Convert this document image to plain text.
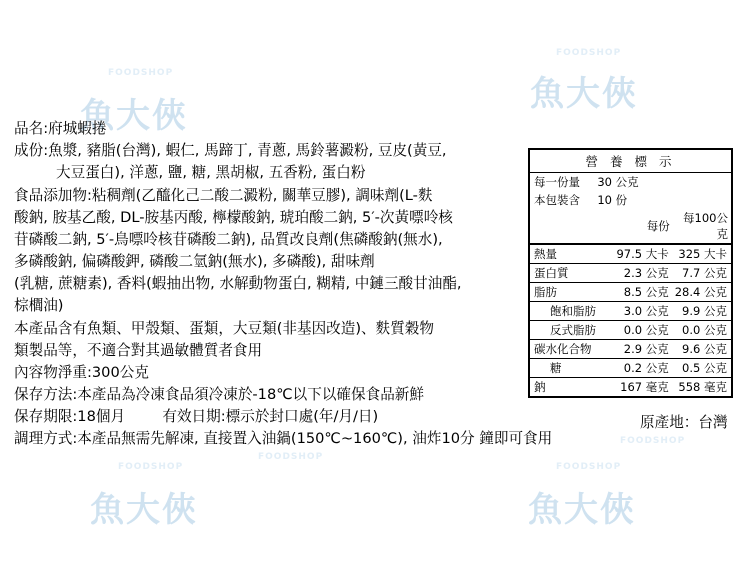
魚大俠
魚大俠
魚大俠	魚大俠
FOODSHOP
FOODSHOP
FOODSHOP
FOODSHOP
FOODSHOP	FOODSHOP
品名:府城蝦捲
成份:魚漿, 豬脂(台灣), 蝦仁, 馬蹄丁, 青蔥, 馬鈴薯澱粉, 豆皮(黃豆,
大豆蛋白), 洋蔥, 鹽, 糖, 黑胡椒, 五香粉, 蛋白粉
食品添加物:粘稠劑(乙醯化己二酸二澱粉, 關華豆膠), 調味劑(L-麩
酸鈉, 胺基乙酸, DL-胺基丙酸, 檸檬酸鈉, 琥珀酸二鈉, 5′-次黃嘌呤核
苷磷酸二鈉, 5′-鳥嘌呤核苷磷酸二鈉), 品質改良劑(焦磷酸鈉(無水),
多磷酸鈉, 偏磷酸鉀, 磷酸二氫鈉(無水), 多磷酸), 甜味劑
(乳糖, 蔗糖素), 香料(蝦抽出物, 水解動物蛋白, 糊精, 中鏈三酸甘油酯,
棕櫚油)
本產品含有魚類、甲殼類、蛋類，大豆類(非基因改造)、麩質穀物
類製品等，不適合對其過敏體質者食用
內容物淨重:300公克
保存方法:本產品為冷凍食品須冷凍於-18℃以下以確保食品新鮮
保存期限:18個月	有效日期:標示於封口處(年/月/日)
調理方式:本產品無需先解凍, 直接置入油鍋(150℃~160℃), 油炸10分 鐘即可食用
原產地：台灣
營 養 標 示		
每一份量 30 公克		
本包裝含 10 份		
	每份	每100公克
熱量	97.5 大卡	325 大卡
蛋白質	2.3 公克	7.7 公克
脂肪	8.5 公克	28.4 公克
飽和脂肪	3.0 公克	9.9 公克
反式脂肪	0.0 公克	0.0 公克
碳水化合物	2.9 公克	9.6 公克
糖	0.2 公克	0.5 公克
鈉	167 毫克	558 毫克
